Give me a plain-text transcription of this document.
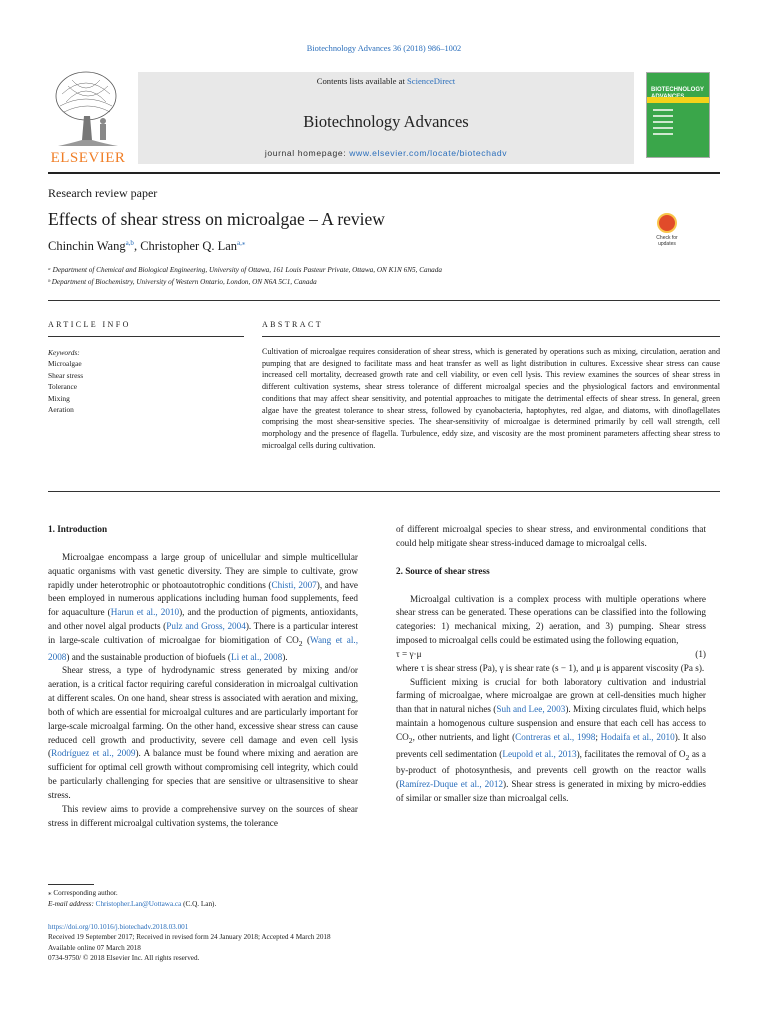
Biotechnology Advances 36 (2018) 986–1002
ELSEVIER
Contents lists available at ScienceDirect
Biotechnology Advances
journal homepage: www.elsevier.com/locate/biotechadv
BIOTECHNOLOGY
Research review paper
Effects of shear stress on microalgae – A review
Chinchin Wang$^{a,b}$, Christopher Q. Lan$^{a,⁎}$
Check for updates
ᵃ Department of Chemical and Biological Engineering, University of Ottawa, 161 Louis Pasteur Private, Ottawa, ON K1N 6N5, Canada
ᵇ Department of Biochemistry, University of Western Ontario, London, ON N6A 5C1, Canada
ARTICLE INFO	ABSTRACT
Keywords:
Microalgae
Shear stress
Tolerance
Mixing
Aeration
Cultivation of microalgae requires consideration of shear stress, which is generated by operations such as mixing, circulation, aeration and pumping that are designed to facilitate mass and heat transfer as well as light distribution in cultures. Excessive shear stress can cause increased cell mortality, decreased growth rate and cell viability, or even cell lysis. This review examines the sources of shear stress in different cultivation systems, shear stress tolerance of different microalgal species and the physiological factors and environmental conditions that may affect shear sensitivity, and potential approaches to mitigate the detrimental effects of shear stress. In general, green algae have the greatest tolerance to shear stress, followed by cyanobacteria, haptophytes, red algae, and diatoms, with dinoflagellates comprising the most shear-sensitive species. The shear-sensitivity of microalgae is determined primarily by cell wall strength, cell morphology and the presence of flagella. Turbulence, eddy size, and viscosity are the most prominent parameters affecting shear stress to microalgal cells during cultivation.

1. Introduction

Microalgae encompass a large group of unicellular and simple multicellular aquatic organisms with vast genetic diversity. They are simple to cultivate, grow rapidly under heterotrophic or photoautotrophic conditions (Chisti, 2007), and have been employed in numerous applications including human food supplements, feed for aquaculture (Harun et al., 2010), and the production of pigments, antioxidants, and other novel algal products (Pulz and Gross, 2004). There is a particular interest in large-scale cultivation of microalgae for biomitigation of $CO_2$ (Wang et al., 2008) and the sustainable production of biofuels (Li et al., 2008).

Shear stress, a type of hydrodynamic stress generated by mixing and/or aeration, is a critical factor requiring careful consideration in microalgal cultivation at different scales. On one hand, shear stress is associated with aeration and mixing, both of which are essential for microalgal cultures and are particularly important for large-scale microalgal farming. On the other hand, excessive shear stress can cause reduced cell growth and productivity, severe cell damage and even cell lysis (Rodríguez et al., 2009). A balance must be found where mixing and aeration are sufficient for optimal cell growth without compromising cell integrity, which could be particularly challenging for species that are sensitive or ultrasensitive to shear stress.

This review aims to provide a comprehensive survey on the sources of shear stress in different microalgal cultivation systems, the tolerance

of different microalgal species to shear stress, and environmental conditions that could help mitigate shear stress-induced damage to microalgal cells.

2. Source of shear stress

Microalgal cultivation is a complex process with multiple operations where shear stress can be generated. These operations can be classified into the following categories: 1) mechanical mixing, 2) aeration, and 3) pumping. Shear stress imposed to microalgal cells could be estimated using the following equation,

τ = γ·μ	(1)

where τ is shear stress (Pa), γ is shear rate (s − 1), and μ is apparent viscosity (Pa s).

Sufficient mixing is crucial for both laboratory cultivation and industrial farming of microalgae, where microalgae are grown at cell-densities much higher than that in natural niches (Suh and Lee, 2003). Mixing circulates fluid, which helps maintain a homogenous culture suspension and ensure that each cell has access to $CO_2$, other nutrients, and light (Contreras et al., 1998; Hodaifa et al., 2010). It also prevents cell sedimentation (Leupold et al., 2013), facilitates the removal of $O_2$ as a by-product of photosynthesis, and prevents cell growth on the reactor walls (Ramírez-Duque et al., 2012). Shear stress is generated in mixing by micro-eddies of similar or smaller size than microalgal cells.

⁎ Corresponding author.
E-mail address: Christopher.Lan@Uottawa.ca (C.Q. Lan).
https://doi.org/10.1016/j.biotechadv.2018.03.001
Received 19 September 2017; Received in revised form 24 January 2018; Accepted 4 March 2018
Available online 07 March 2018
0734-9750/ © 2018 Elsevier Inc. All rights reserved.
